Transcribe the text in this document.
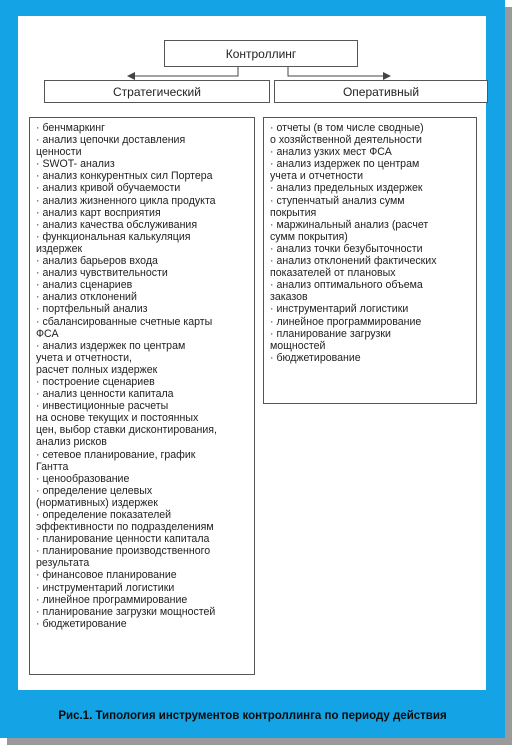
Контроллинг
Стратегический	Оперативный
· бенчмаркинг
· анализ цепочки доставления
ценности
· SWOT- анализ
· анализ конкурентных сил Портера
· анализ кривой обучаемости
· анализ жизненного цикла продукта
· анализ карт восприятия
· анализ качества обслуживания
· функциональная калькуляция
издержек
· анализ барьеров входа
· анализ чувствительности
· анализ сценариев
· анализ отклонений
· портфельный анализ
· сбалансированные счетные карты
ФСА
· анализ издержек по центрам
учета и отчетности,
расчет полных издержек
· построение сценариев
· анализ ценности капитала
· инвестиционные расчеты
на основе текущих и постоянных
цен, выбор ставки дисконтирования,
анализ рисков
· сетевое планирование, график
Гантта
· ценообразование
· определение целевых
(нормативных) издержек
· определение показателей
эффективности по подразделениям
· планирование ценности капитала
· планирование производственного
результата
· финансовое планирование
· инструментарий логистики
· линейное программирование
· планирование загрузки мощностей
· бюджетирование
· отчеты (в том числе сводные)
о хозяйственной деятельности
· анализ узких мест ФСА
· анализ издержек по центрам
учета и отчетности
· анализ предельных издержек
· ступенчатый анализ сумм
покрытия
· маржинальный анализ (расчет
сумм покрытия)
· анализ точки безубыточности
· анализ отклонений фактических
показателей от плановых
· анализ оптимального объема
заказов
· инструментарий логистики
· линейное программирование
· планирование загрузки
мощностей
· бюджетирование
Рис.1. Типология инструментов контроллинга по периоду действия
